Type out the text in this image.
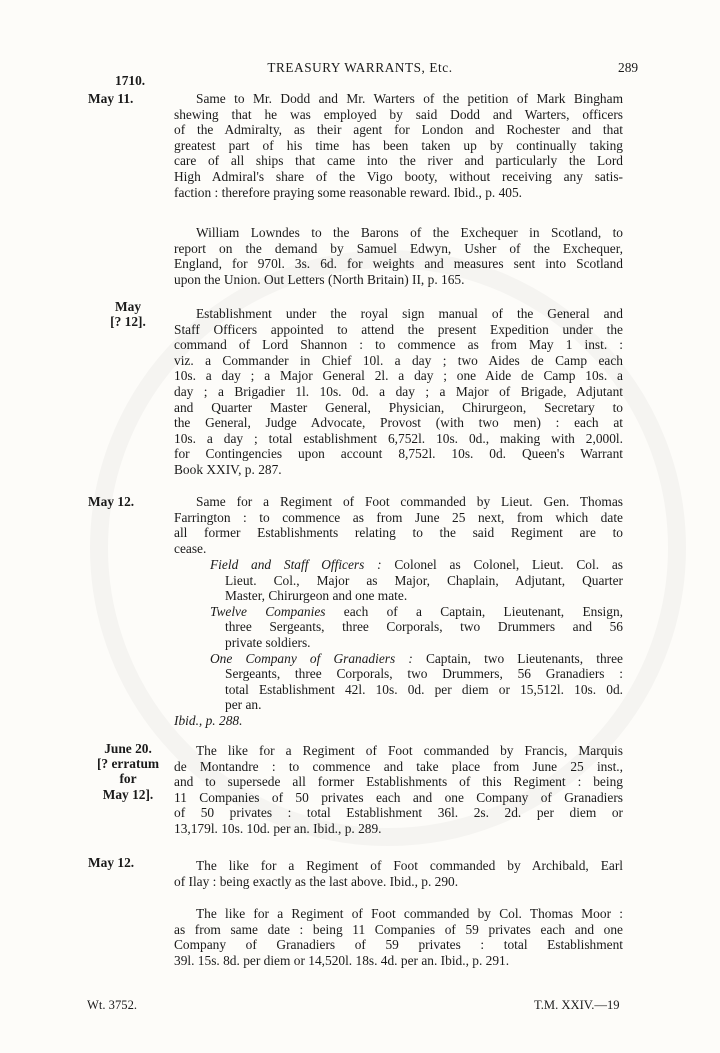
TREASURY WARRANTS, Etc.	289
1710.
May 11.	Same to Mr. Dodd and Mr. Warters of the petition of Mark Bingham
shewing that he was employed by said Dodd and Warters, officers
of the Admiralty, as their agent for London and Rochester and that
greatest part of his time has been taken up by continually taking
care of all ships that came into the river and particularly the Lord
High Admiral's share of the Vigo booty, without receiving any satis-
faction : therefore praying some reasonable reward. Ibid., p. 405.
William Lowndes to the Barons of the Exchequer in Scotland, to
report on the demand by Samuel Edwyn, Usher of the Exchequer,
England, for 970l. 3s. 6d. for weights and measures sent into Scotland
upon the Union. Out Letters (North Britain) II, p. 165.
May
[? 12].
Establishment under the royal sign manual of the General and
Staff Officers appointed to attend the present Expedition under the
command of Lord Shannon : to commence as from May 1 inst. :
viz. a Commander in Chief 10l. a day ; two Aides de Camp each
10s. a day ; a Major General 2l. a day ; one Aide de Camp 10s. a
day ; a Brigadier 1l. 10s. 0d. a day ; a Major of Brigade, Adjutant
and Quarter Master General, Physician, Chirurgeon, Secretary to
the General, Judge Advocate, Provost (with two men) : each at
10s. a day ; total establishment 6,752l. 10s. 0d., making with 2,000l.
for Contingencies upon account 8,752l. 10s. 0d. Queen's Warrant
Book XXIV, p. 287.
May 12.	Same for a Regiment of Foot commanded by Lieut. Gen. Thomas
Farrington : to commence as from June 25 next, from which date
all former Establishments relating to the said Regiment are to
cease.
Field and Staff Officers : Colonel as Colonel, Lieut. Col. as
Lieut. Col., Major as Major, Chaplain, Adjutant, Quarter
Master, Chirurgeon and one mate.
Twelve Companies each of a Captain, Lieutenant, Ensign,
three Sergeants, three Corporals, two Drummers and 56
private soldiers.
One Company of Granadiers : Captain, two Lieutenants, three
Sergeants, three Corporals, two Drummers, 56 Granadiers :
total Establishment 42l. 10s. 0d. per diem or 15,512l. 10s. 0d.
per an.
Ibid., p. 288.
June 20.
[? erratum
for
May 12].
The like for a Regiment of Foot commanded by Francis, Marquis
de Montandre : to commence and take place from June 25 inst.,
and to supersede all former Establishments of this Regiment : being
11 Companies of 50 privates each and one Company of Granadiers
of 50 privates : total Establishment 36l. 2s. 2d. per diem or
13,179l. 10s. 10d. per an. Ibid., p. 289.
May 12.	The like for a Regiment of Foot commanded by Archibald, Earl
of Ilay : being exactly as the last above. Ibid., p. 290.
The like for a Regiment of Foot commanded by Col. Thomas Moor :
as from same date : being 11 Companies of 59 privates each and one
Company of Granadiers of 59 privates : total Establishment
39l. 15s. 8d. per diem or 14,520l. 18s. 4d. per an. Ibid., p. 291.
Wt. 3752.	T.M. XXIV.—19
